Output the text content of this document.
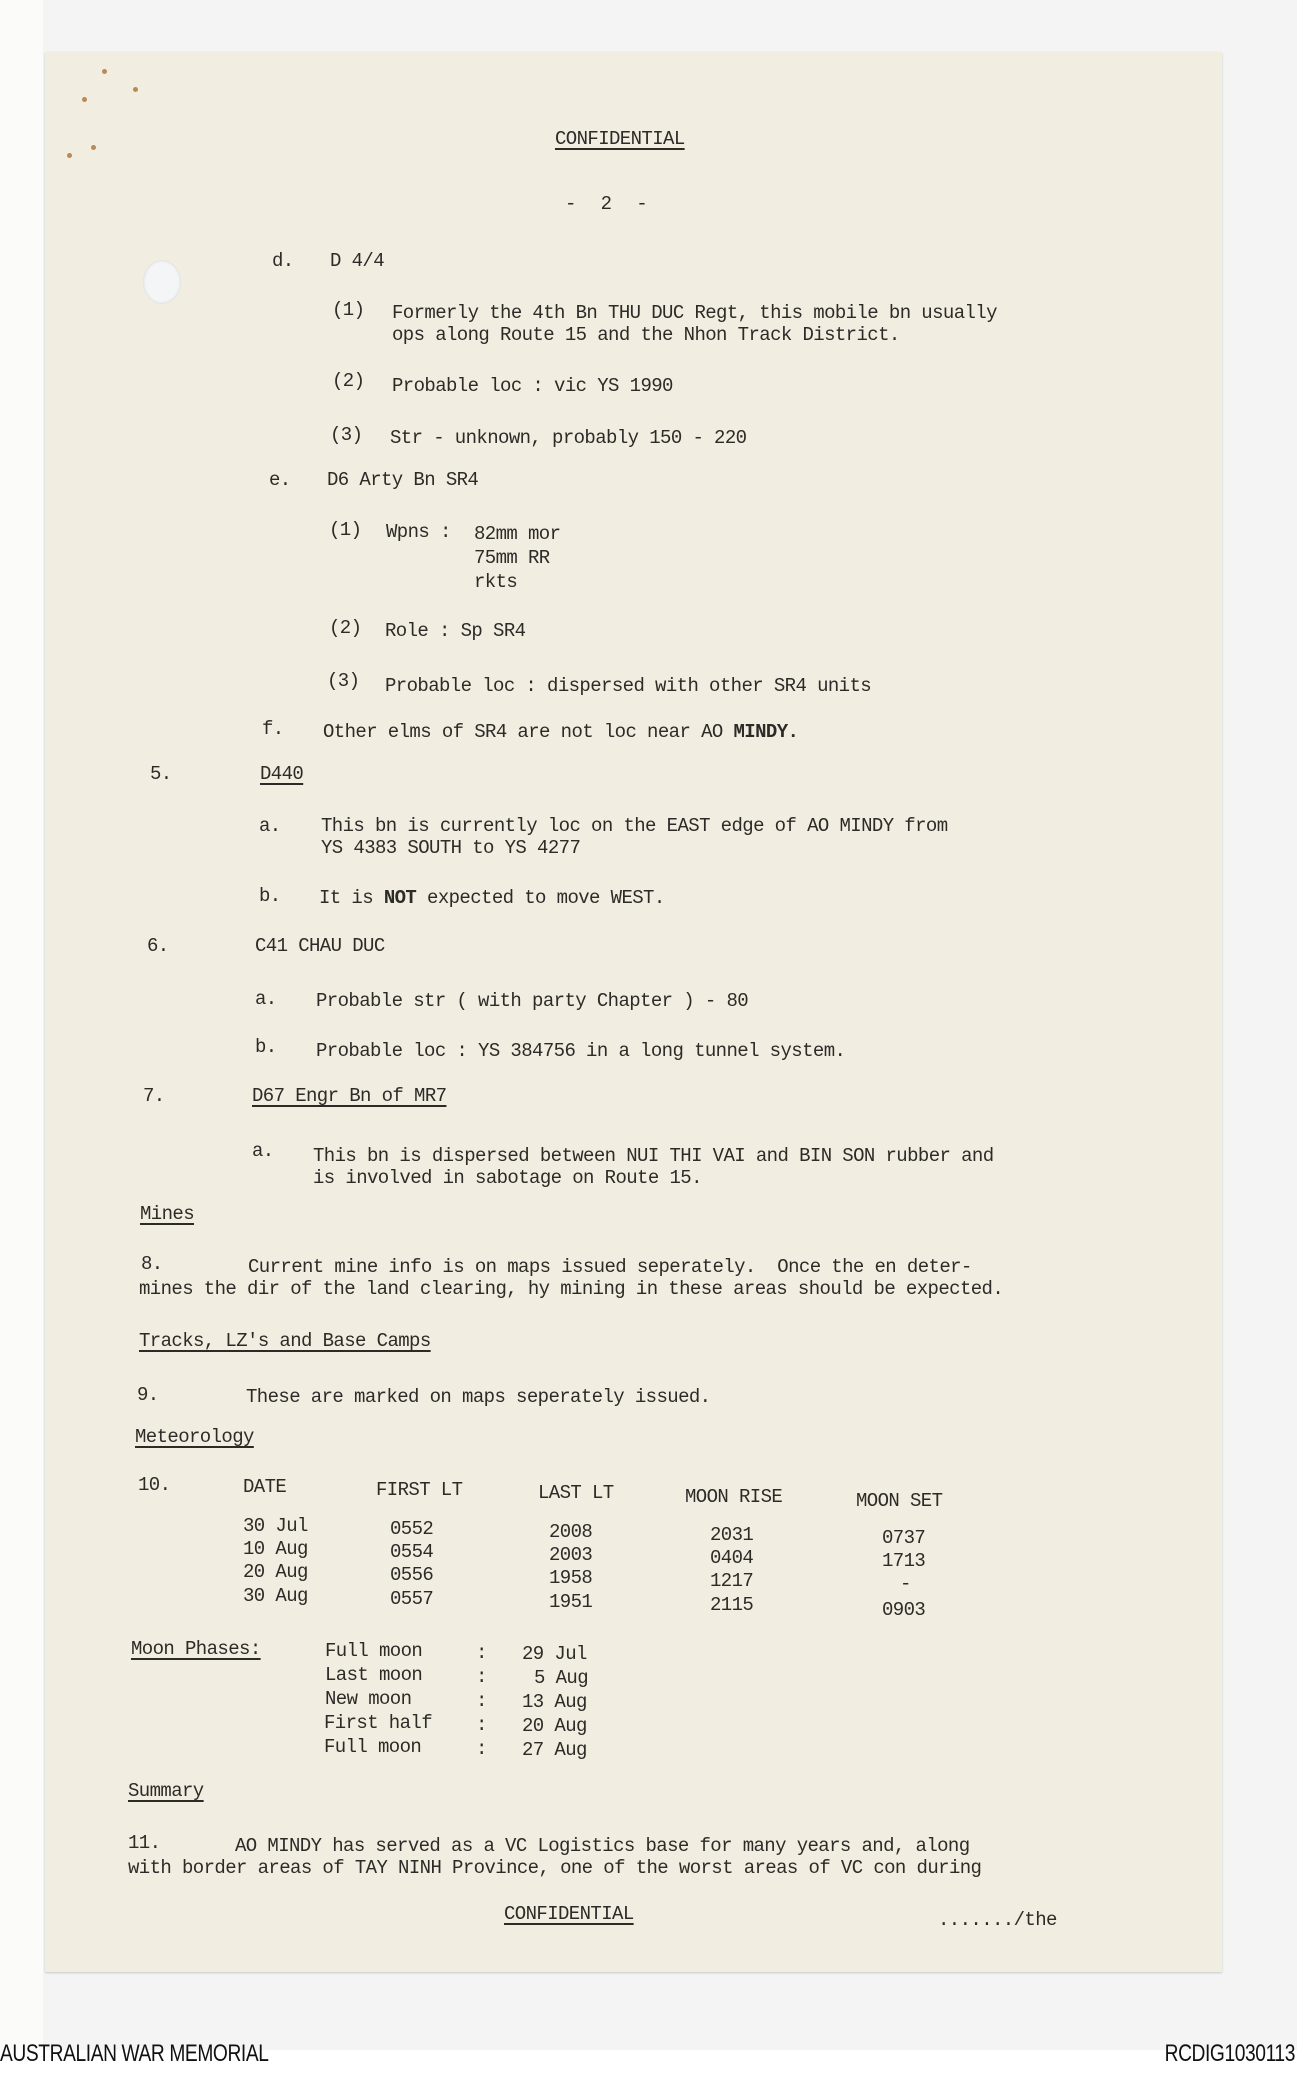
CONFIDENTIAL
- 2 -
d. D 4/4
(1) Formerly the 4th Bn THU DUC Regt, this mobile bn usually
ops along Route 15 and the Nhon Track District.
(2) Probable loc : vic YS 1990
(3) Str - unknown, probably 150 - 220
e. D6 Arty Bn SR4
(1) Wpns : 82mm mor
75mm RR
rkts
(2) Role : Sp SR4
(3) Probable loc : dispersed with other SR4 units
f. Other elms of SR4 are not loc near AO MINDY.
5.	D440
a. This bn is currently loc on the EAST edge of AO MINDY from
YS 4383 SOUTH to YS 4277
b. It is NOT expected to move WEST.
6.	C41 CHAU DUC
a. Probable str ( with party Chapter ) - 80
b. Probable loc : YS 384756 in a long tunnel system.
7.	D67 Engr Bn of MR7
a. This bn is dispersed between NUI THI VAI and BIN SON rubber and
is involved in sabotage on Route 15.
Mines
8.	Current mine info is on maps issued seperately.  Once the en deter-
mines the dir of the land clearing, hy mining in these areas should be expected.
Tracks, LZ's and Base Camps
9.	These are marked on maps seperately issued.
Meteorology
10.	DATE	FIRST LT	LAST LT	MOON RISE	MOON SET
30 Jul	0552	2008	2031	0737
10 Aug	0554	2003	0404	1713
20 Aug	0556	1958	1217	-
30 Aug	0557	1951	2115	0903
Moon Phases:	Full moon	: 29 Jul
Last moon	: 5 Aug
New moon	: 13 Aug
First half : 20 Aug
Full moon	: 27 Aug
Summary
11.	AO MINDY has served as a VC Logistics base for many years and, along
with border areas of TAY NINH Province, one of the worst areas of VC con during
CONFIDENTIAL	......./the
AUSTRALIAN WAR MEMORIAL	RCDIG1030113
